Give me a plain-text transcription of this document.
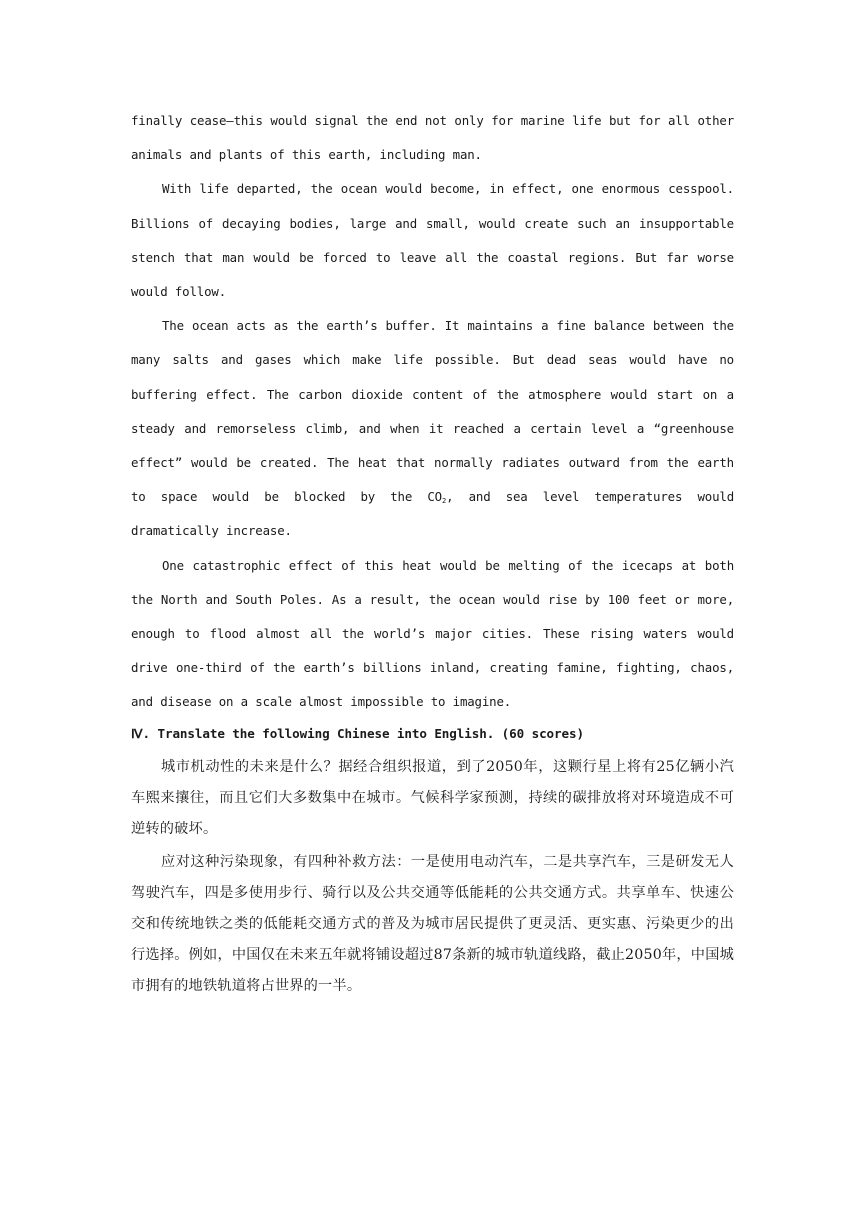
finally cease—this would signal the end not only for marine life but for all other animals and plants of this earth, including man.

With life departed, the ocean would become, in effect, one enormous cesspool. Billions of decaying bodies, large and small, would create such an insupportable stench that man would be forced to leave all the coastal regions. But far worse would follow.

The ocean acts as the earth’s buffer. It maintains a fine balance between the many salts and gases which make life possible. But dead seas would have no buffering effect. The carbon dioxide content of the atmosphere would start on a steady and remorseless climb, and when it reached a certain level a “greenhouse effect” would be created. The heat that normally radiates outward from the earth to space would be blocked by the $CO_2$, and sea level temperatures would dramatically increase.

One catastrophic effect of this heat would be melting of the icecaps at both the North and South Poles. As a result, the ocean would rise by 100 feet or more, enough to flood almost all the world’s major cities. These rising waters would drive one-third of the earth’s billions inland, creating famine, fighting, chaos, and disease on a scale almost impossible to imagine.

Ⅳ. Translate the following Chinese into English. (60 scores)

城市机动性的未来是什么？据经合组织报道，到了2050年，这颗行星上将有25亿辆小汽车熙来攘往，而且它们大多数集中在城市。气候科学家预测，持续的碳排放将对环境造成不可逆转的破坏。

应对这种污染现象，有四种补救方法：一是使用电动汽车，二是共享汽车，三是研发无人驾驶汽车，四是多使用步行、骑行以及公共交通等低能耗的公共交通方式。共享单车、快速公交和传统地铁之类的低能耗交通方式的普及为城市居民提供了更灵活、更实惠、污染更少的出行选择。例如，中国仅在未来五年就将铺设超过87条新的城市轨道线路，截止2050年，中国城市拥有的地铁轨道将占世界的一半。
